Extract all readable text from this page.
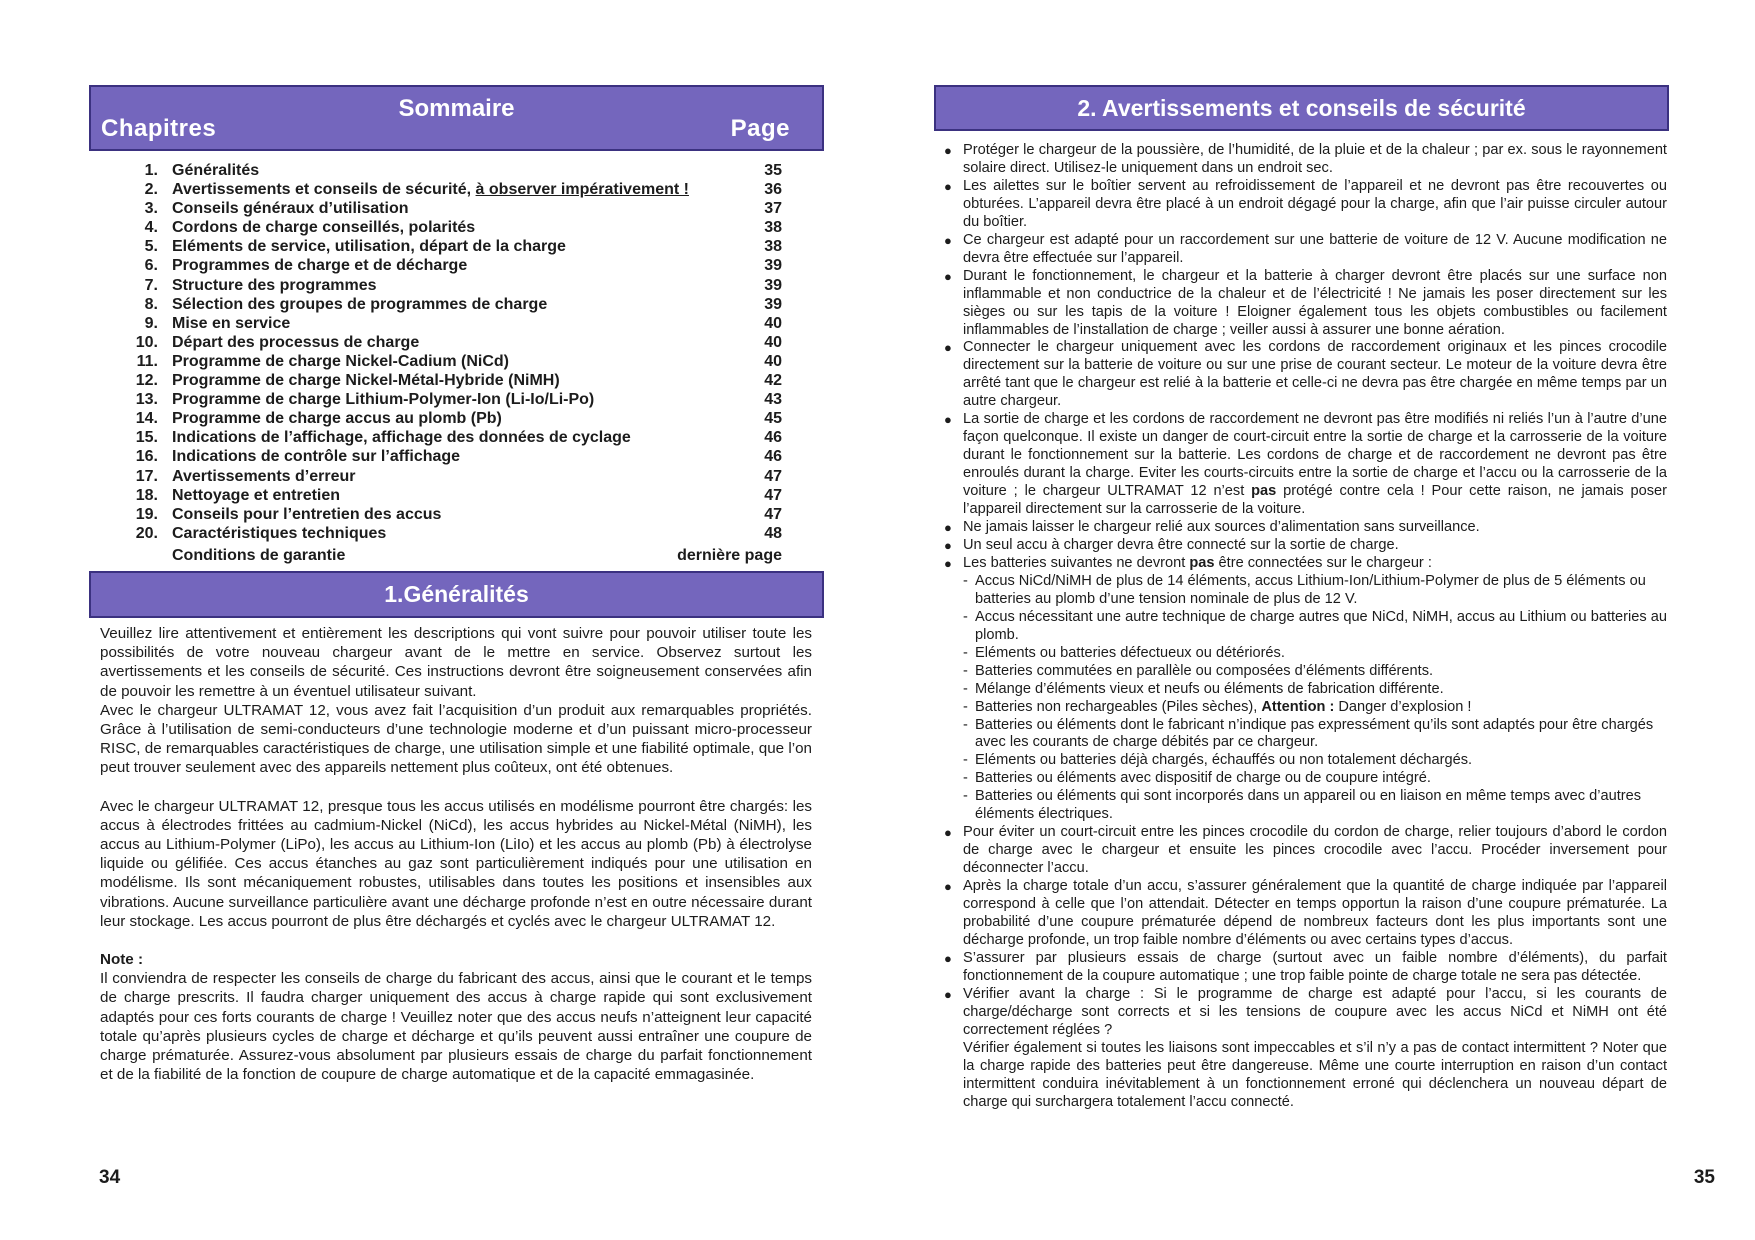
Sommaire
Chapitres	Page
1. Généralités	35
2. Avertissements et conseils de sécurité, à observer impérativement !	36
3. Conseils généraux d’utilisation	37
4. Cordons de charge conseillés, polarités	38
5. Eléments de service, utilisation, départ de la charge	38
6. Programmes de charge et de décharge	39
7. Structure des programmes	39
8. Sélection des groupes de programmes de charge	39
9. Mise en service	40
10. Départ des processus de charge	40
11. Programme de charge Nickel-Cadium (NiCd)	40
12. Programme de charge Nickel-Métal-Hybride (NiMH)	42
13. Programme de charge Lithium-Polymer-Ion (Li-Io/Li-Po)	43
14. Programme de charge accus au plomb (Pb)	45
15. Indications de l’affichage, affichage des données de cyclage	46
16. Indications de contrôle sur l’affichage	46
17. Avertissements d’erreur	47
18. Nettoyage et entretien	47
19. Conseils pour l’entretien des accus	47
20. Caractéristiques techniques	48
Conditions de garantie	dernière page
1.Généralités

Veuillez lire attentivement et entièrement les descriptions qui vont suivre pour pouvoir utiliser toute les possibilités de votre nouveau chargeur avant de le mettre en service. Observez surtout les avertissements et les conseils de sécurité. Ces instructions devront être soigneusement conservées afin de pouvoir les remettre à un éventuel utilisateur suivant.

Avec le chargeur ULTRAMAT 12, vous avez fait l’acquisition d’un produit aux remarquables propriétés. Grâce à l’utilisation de semi-conducteurs d’une technologie moderne et d’un puissant micro-processeur RISC, de remarquables caractéristiques de charge, une utilisation simple et une fiabilité optimale, que l’on peut trouver seulement avec des appareils nettement plus coûteux, ont été obtenues.

Avec le chargeur ULTRAMAT 12, presque tous les accus utilisés en modélisme pourront être chargés: les accus à électrodes frittées au cadmium-Nickel (NiCd), les accus hybrides au Nickel-Métal (NiMH), les accus au Lithium-Polymer (LiPo), les accus au Lithium-Ion (LiIo) et les accus au plomb (Pb) à électrolyse liquide ou gélifiée. Ces accus étanches au gaz sont particulièrement indiqués pour une utilisation en modélisme. Ils sont mécaniquement robustes, utilisables dans toutes les positions et insensibles aux vibrations. Aucune surveillance particulière avant une décharge profonde n’est en outre nécessaire durant leur stockage. Les accus pourront de plus être déchargés et cyclés avec le chargeur ULTRAMAT 12.

Note :

Il conviendra de respecter les conseils de charge du fabricant des accus, ainsi que le courant et le temps de charge prescrits. Il faudra charger uniquement des accus à charge rapide qui sont exclusivement adaptés pour ces forts courants de charge ! Veuillez noter que des accus neufs n’atteignent leur capacité totale qu’après plusieurs cycles de charge et décharge et qu’ils peuvent aussi entraîner une coupure de charge prématurée. Assurez-vous absolument par plusieurs essais de charge du parfait fonctionnement et de la fiabilité de la fonction de coupure de charge automatique et de la capacité emmagasinée.

34
2. Avertissements et conseils de sécurité
● Protéger le chargeur de la poussière, de l’humidité, de la pluie et de la chaleur ; par ex. sous le rayonnement solaire direct. Utilisez-le uniquement dans un endroit sec.
● Les ailettes sur le boîtier servent au refroidissement de l’appareil et ne devront pas être recouvertes ou obturées. L’appareil devra être placé à un endroit dégagé pour la charge, afin que l’air puisse circuler autour du boîtier.
● Ce chargeur est adapté pour un raccordement sur une batterie de voiture de 12 V. Aucune modification ne devra être effectuée sur l’appareil.
● Durant le fonctionnement, le chargeur et la batterie à charger devront être placés sur une surface non inflammable et non conductrice de la chaleur et de l’électricité ! Ne jamais les poser directement sur les sièges ou sur les tapis de la voiture ! Eloigner également tous les objets combustibles ou facilement inflammables de l’installation de charge ; veiller aussi à assurer une bonne aération.
● Connecter le chargeur uniquement avec les cordons de raccordement originaux et les pinces crocodile directement sur la batterie de voiture ou sur une prise de courant secteur. Le moteur de la voiture devra être arrêté tant que le chargeur est relié à la batterie et celle-ci ne devra pas être chargée en même temps par un autre chargeur.
● La sortie de charge et les cordons de raccordement ne devront pas être modifiés ni reliés l’un à l’autre d’une façon quelconque. Il existe un danger de court-circuit entre la sortie de charge et la carrosserie de la voiture durant le fonctionnement sur la batterie. Les cordons de charge et de raccordement ne devront pas être enroulés durant la charge. Eviter les courts-circuits entre la sortie de charge et l’accu ou la carrosserie de la voiture ; le chargeur ULTRAMAT 12 n’est pas protégé contre cela ! Pour cette raison, ne jamais poser l’appareil directement sur la carrosserie de la voiture.
● Ne jamais laisser le chargeur relié aux sources d’alimentation sans surveillance.
● Un seul accu à charger devra être connecté sur la sortie de charge.
● Les batteries suivantes ne devront pas être connectées sur le chargeur :
- Accus NiCd/NiMH de plus de 14 éléments, accus Lithium-Ion/Lithium-Polymer de plus de 5 éléments ou batteries au plomb d’une tension nominale de plus de 12 V.
- Accus nécessitant une autre technique de charge autres que NiCd, NiMH, accus au Lithium ou batteries au plomb.
- Eléments ou batteries défectueux ou détériorés.
- Batteries commutées en parallèle ou composées d’éléments différents.
- Mélange d’éléments vieux et neufs ou éléments de fabrication différente.
- Batteries non rechargeables (Piles sèches), Attention : Danger d’explosion !
- Batteries ou éléments dont le fabricant n’indique pas expressément qu’ils sont adaptés pour être chargés avec les courants de charge débités par ce chargeur.
- Eléments ou batteries déjà chargés, échauffés ou non totalement déchargés.
- Batteries ou éléments avec dispositif de charge ou de coupure intégré.
- Batteries ou éléments qui sont incorporés dans un appareil ou en liaison en même temps avec d’autres éléments électriques.
● Pour éviter un court-circuit entre les pinces crocodile du cordon de charge, relier toujours d’abord le cordon de charge avec le chargeur et ensuite les pinces crocodile avec l’accu. Procéder inversement pour déconnecter l’accu.
● Après la charge totale d’un accu, s’assurer généralement que la quantité de charge indiquée par l’appareil correspond à celle que l’on attendait. Détecter en temps opportun la raison d’une coupure prématurée. La probabilité d’une coupure prématurée dépend de nombreux facteurs dont les plus importants sont une décharge profonde, un trop faible nombre d’éléments ou avec certains types d’accus.
● S’assurer par plusieurs essais de charge (surtout avec un faible nombre d’éléments), du parfait fonctionnement de la coupure automatique ; une trop faible pointe de charge totale ne sera pas détectée.
● Vérifier avant la charge : Si le programme de charge est adapté pour l’accu, si les courants de charge/décharge sont corrects et si les tensions de coupure avec les accus NiCd et NiMH ont été correctement réglées ?
Vérifier également si toutes les liaisons sont impeccables et s’il n’y a pas de contact intermittent ? Noter que la charge rapide des batteries peut être dangereuse. Même une courte interruption en raison d’un contact intermittent conduira inévitablement à un fonctionnement erroné qui déclenchera un nouveau départ de charge qui surchargera totalement l’accu connecté.
35
